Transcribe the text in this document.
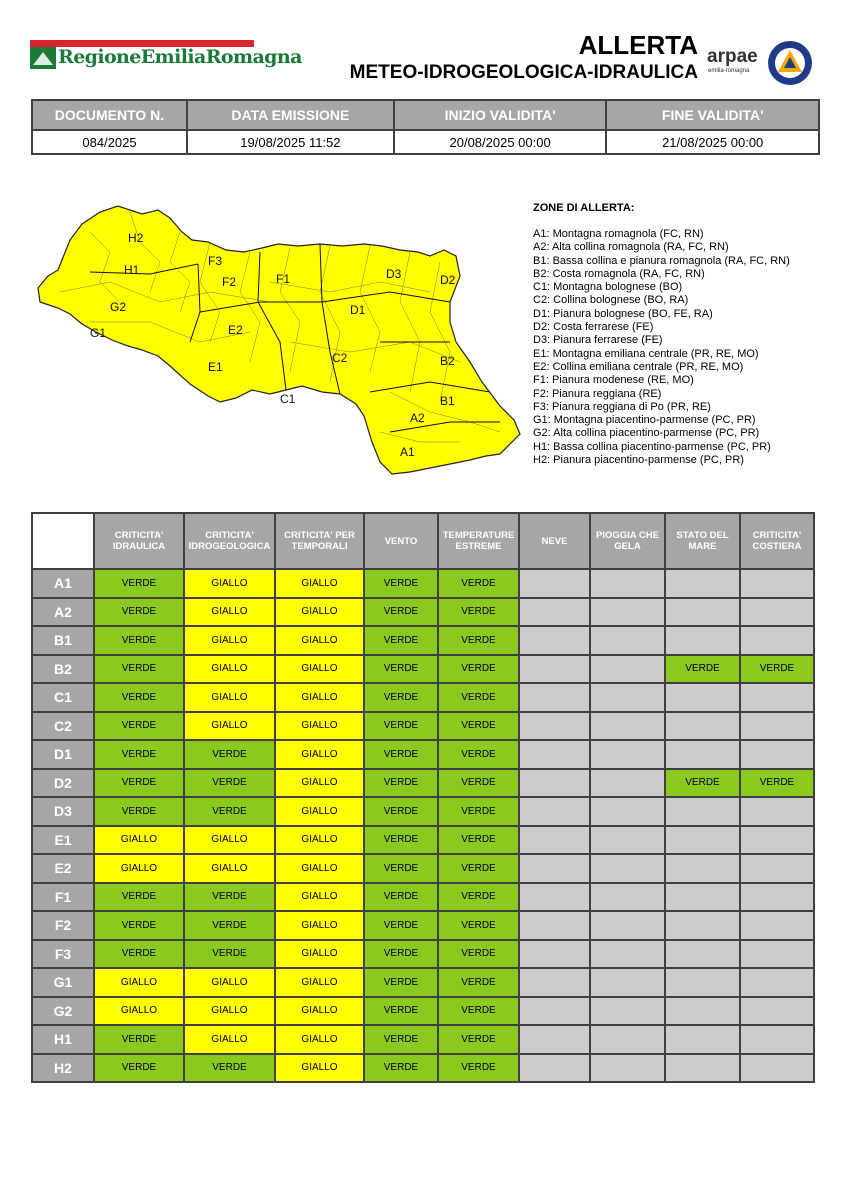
RegioneEmiliaRomagna	ALLERTA
METEO-IDROGEOLOGICA-IDRAULICA
arpae
emilia-romagna
DOCUMENTO N.	DATA EMISSIONE	INIZIO VALIDITA'	FINE VALIDITA'
084/2025	19/08/2025 11:52	20/08/2025 00:00	21/08/2025 00:00
H2
F3
H1
F2	F1	D3	D2
G2	D1
G1	E2
C2	B2
E1
C1	B1
A2
A1
ZONE DI ALLERTA:
A1: Montagna romagnola (FC, RN)
A2: Alta collina romagnola (RA, FC, RN)
B1: Bassa collina e pianura romagnola (RA, FC, RN)
B2: Costa romagnola (RA, FC, RN)
C1: Montagna bolognese (BO)
C2: Collina bolognese (BO, RA)
D1: Pianura bolognese (BO, FE, RA)
D2: Costa ferrarese (FE)
D3: Pianura ferrarese (FE)
E1: Montagna emiliana centrale (PR, RE, MO)
E2: Collina emiliana centrale (PR, RE, MO)
F1: Pianura modenese (RE, MO)
F2: Pianura reggiana (RE)
F3: Pianura reggiana di Po (PR, RE)
G1: Montagna piacentino-parmense (PC, PR)
G2: Alta collina piacentino-parmense (PC, PR)
H1: Bassa collina piacentino-parmense (PC, PR)
H2: Pianura piacentino-parmense (PC, PR)
	CRITICITA' IDRAULICA	CRITICITA' IDROGEOLOGICA	CRITICITA' PER TEMPORALI	VENTO	TEMPERATURE ESTREME	NEVE	PIOGGIA CHE GELA	STATO DEL MARE	CRITICITA' COSTIERA
A1	VERDE	GIALLO	GIALLO	VERDE	VERDE				
A2	VERDE	GIALLO	GIALLO	VERDE	VERDE				
B1	VERDE	GIALLO	GIALLO	VERDE	VERDE				
B2	VERDE	GIALLO	GIALLO	VERDE	VERDE			VERDE	VERDE
C1	VERDE	GIALLO	GIALLO	VERDE	VERDE				
C2	VERDE	GIALLO	GIALLO	VERDE	VERDE				
D1	VERDE	VERDE	GIALLO	VERDE	VERDE				
D2	VERDE	VERDE	GIALLO	VERDE	VERDE			VERDE	VERDE
D3	VERDE	VERDE	GIALLO	VERDE	VERDE				
E1	GIALLO	GIALLO	GIALLO	VERDE	VERDE				
E2	GIALLO	GIALLO	GIALLO	VERDE	VERDE				
F1	VERDE	VERDE	GIALLO	VERDE	VERDE				
F2	VERDE	VERDE	GIALLO	VERDE	VERDE				
F3	VERDE	VERDE	GIALLO	VERDE	VERDE				
G1	GIALLO	GIALLO	GIALLO	VERDE	VERDE				
G2	GIALLO	GIALLO	GIALLO	VERDE	VERDE				
H1	VERDE	GIALLO	GIALLO	VERDE	VERDE				
H2	VERDE	VERDE	GIALLO	VERDE	VERDE				
